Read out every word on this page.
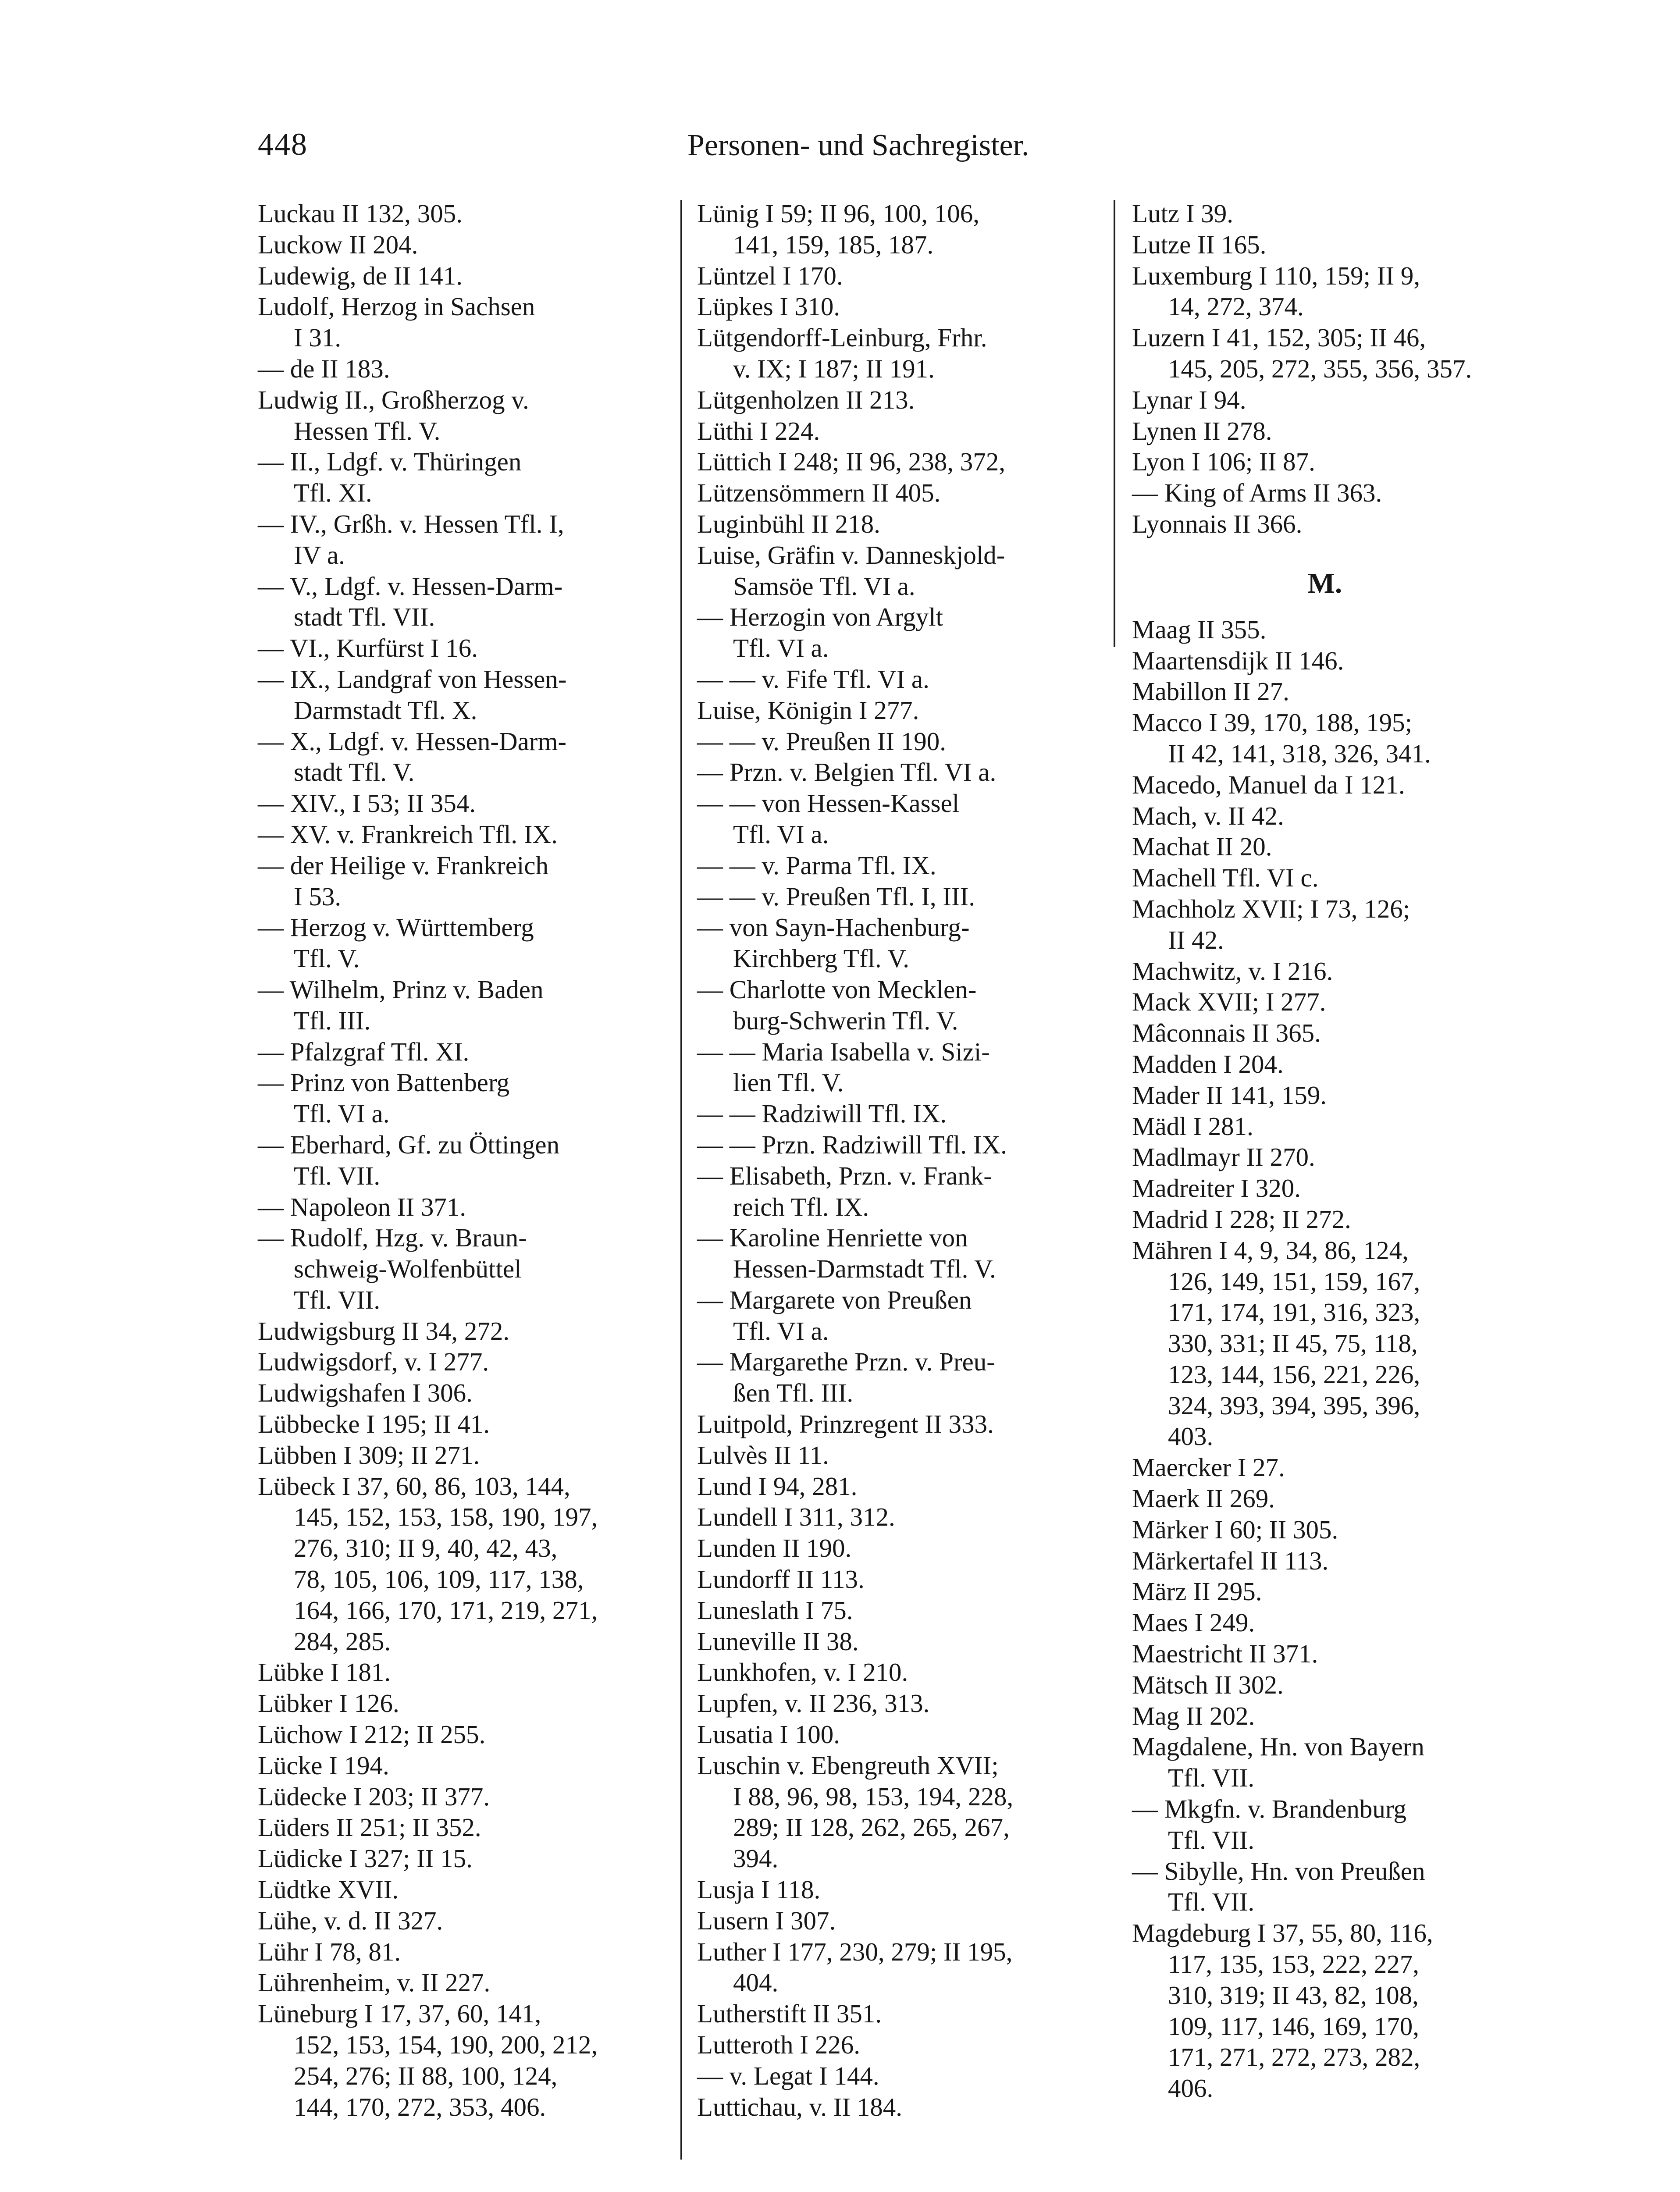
448	Personen- und Sachregister.
Luckau II 132, 305.
Luckow II 204.
Ludewig, de II 141.
Ludolf, Herzog in Sachsen
I 31.
— de II 183.
Ludwig II., Großherzog v.
Hessen Tfl. V.
— II., Ldgf. v. Thüringen
Tfl. XI.
— IV., Grßh. v. Hessen Tfl. I,
IV a.
— V., Ldgf. v. Hessen-Darm-
stadt Tfl. VII.
— VI., Kurfürst I 16.
— IX., Landgraf von Hessen-
Darmstadt Tfl. X.
— X., Ldgf. v. Hessen-Darm-
stadt Tfl. V.
— XIV., I 53; II 354.
— XV. v. Frankreich Tfl. IX.
— der Heilige v. Frankreich
I 53.
— Herzog v. Württemberg
Tfl. V.
— Wilhelm, Prinz v. Baden
Tfl. III.
— Pfalzgraf Tfl. XI.
— Prinz von Battenberg
Tfl. VI a.
— Eberhard, Gf. zu Öttingen
Tfl. VII.
— Napoleon II 371.
— Rudolf, Hzg. v. Braun-
schweig-Wolfenbüttel
Tfl. VII.
Ludwigsburg II 34, 272.
Ludwigsdorf, v. I 277.
Ludwigshafen I 306.
Lübbecke I 195; II 41.
Lübben I 309; II 271.
Lübeck I 37, 60, 86, 103, 144,
145, 152, 153, 158, 190, 197,
276, 310; II 9, 40, 42, 43,
78, 105, 106, 109, 117, 138,
164, 166, 170, 171, 219, 271,
284, 285.
Lübke I 181.
Lübker I 126.
Lüchow I 212; II 255.
Lücke I 194.
Lüdecke I 203; II 377.
Lüders II 251; II 352.
Lüdicke I 327; II 15.
Lüdtke XVII.
Lühe, v. d. II 327.
Lühr I 78, 81.
Lührenheim, v. II 227.
Lüneburg I 17, 37, 60, 141,
152, 153, 154, 190, 200, 212,
254, 276; II 88, 100, 124,
144, 170, 272, 353, 406.
Lünig I 59; II 96, 100, 106,
141, 159, 185, 187.
Lüntzel I 170.
Lüpkes I 310.
Lütgendorff-Leinburg, Frhr.
v. IX; I 187; II 191.
Lütgenholzen II 213.
Lüthi I 224.
Lüttich I 248; II 96, 238, 372,
Lützensömmern II 405.
Luginbühl II 218.
Luise, Gräfin v. Danneskjold-
Samsöe Tfl. VI a.
— Herzogin von Argylt
Tfl. VI a.
— — v. Fife Tfl. VI a.
Luise, Königin I 277.
— — v. Preußen II 190.
— Przn. v. Belgien Tfl. VI a.
— — von Hessen-Kassel
Tfl. VI a.
— — v. Parma Tfl. IX.
— — v. Preußen Tfl. I, III.
— von Sayn-Hachenburg-
Kirchberg Tfl. V.
— Charlotte von Mecklen-
burg-Schwerin Tfl. V.
— — Maria Isabella v. Sizi-
lien Tfl. V.
— — Radziwill Tfl. IX.
— — Przn. Radziwill Tfl. IX.
— Elisabeth, Przn. v. Frank-
reich Tfl. IX.
— Karoline Henriette von
Hessen-Darmstadt Tfl. V.
— Margarete von Preußen
Tfl. VI a.
— Margarethe Przn. v. Preu-
ßen Tfl. III.
Luitpold, Prinzregent II 333.
Lulvès II 11.
Lund I 94, 281.
Lundell I 311, 312.
Lunden II 190.
Lundorff II 113.
Luneslath I 75.
Luneville II 38.
Lunkhofen, v. I 210.
Lupfen, v. II 236, 313.
Lusatia I 100.
Luschin v. Ebengreuth XVII;
I 88, 96, 98, 153, 194, 228,
289; II 128, 262, 265, 267,
394.
Lusja I 118.
Lusern I 307.
Luther I 177, 230, 279; II 195,
404.
Lutherstift II 351.
Lutteroth I 226.
— v. Legat I 144.
Luttichau, v. II 184.
Lutz I 39.
Lutze II 165.
Luxemburg I 110, 159; II 9,
14, 272, 374.
Luzern I 41, 152, 305; II 46,
145, 205, 272, 355, 356, 357.
Lynar I 94.
Lynen II 278.
Lyon I 106; II 87.
— King of Arms II 363.
Lyonnais II 366.
M.
Maag II 355.
Maartensdijk II 146.
Mabillon II 27.
Macco I 39, 170, 188, 195;
II 42, 141, 318, 326, 341.
Macedo, Manuel da I 121.
Mach, v. II 42.
Machat II 20.
Machell Tfl. VI c.
Machholz XVII; I 73, 126;
II 42.
Machwitz, v. I 216.
Mack XVII; I 277.
Mâconnais II 365.
Madden I 204.
Mader II 141, 159.
Mädl I 281.
Madlmayr II 270.
Madreiter I 320.
Madrid I 228; II 272.
Mähren I 4, 9, 34, 86, 124,
126, 149, 151, 159, 167,
171, 174, 191, 316, 323,
330, 331; II 45, 75, 118,
123, 144, 156, 221, 226,
324, 393, 394, 395, 396,
403.
Maercker I 27.
Maerk II 269.
Märker I 60; II 305.
Märkertafel II 113.
März II 295.
Maes I 249.
Maestricht II 371.
Mätsch II 302.
Mag II 202.
Magdalene, Hn. von Bayern
Tfl. VII.
— Mkgfn. v. Brandenburg
Tfl. VII.
— Sibylle, Hn. von Preußen
Tfl. VII.
Magdeburg I 37, 55, 80, 116,
117, 135, 153, 222, 227,
310, 319; II 43, 82, 108,
109, 117, 146, 169, 170,
171, 271, 272, 273, 282,
406.
